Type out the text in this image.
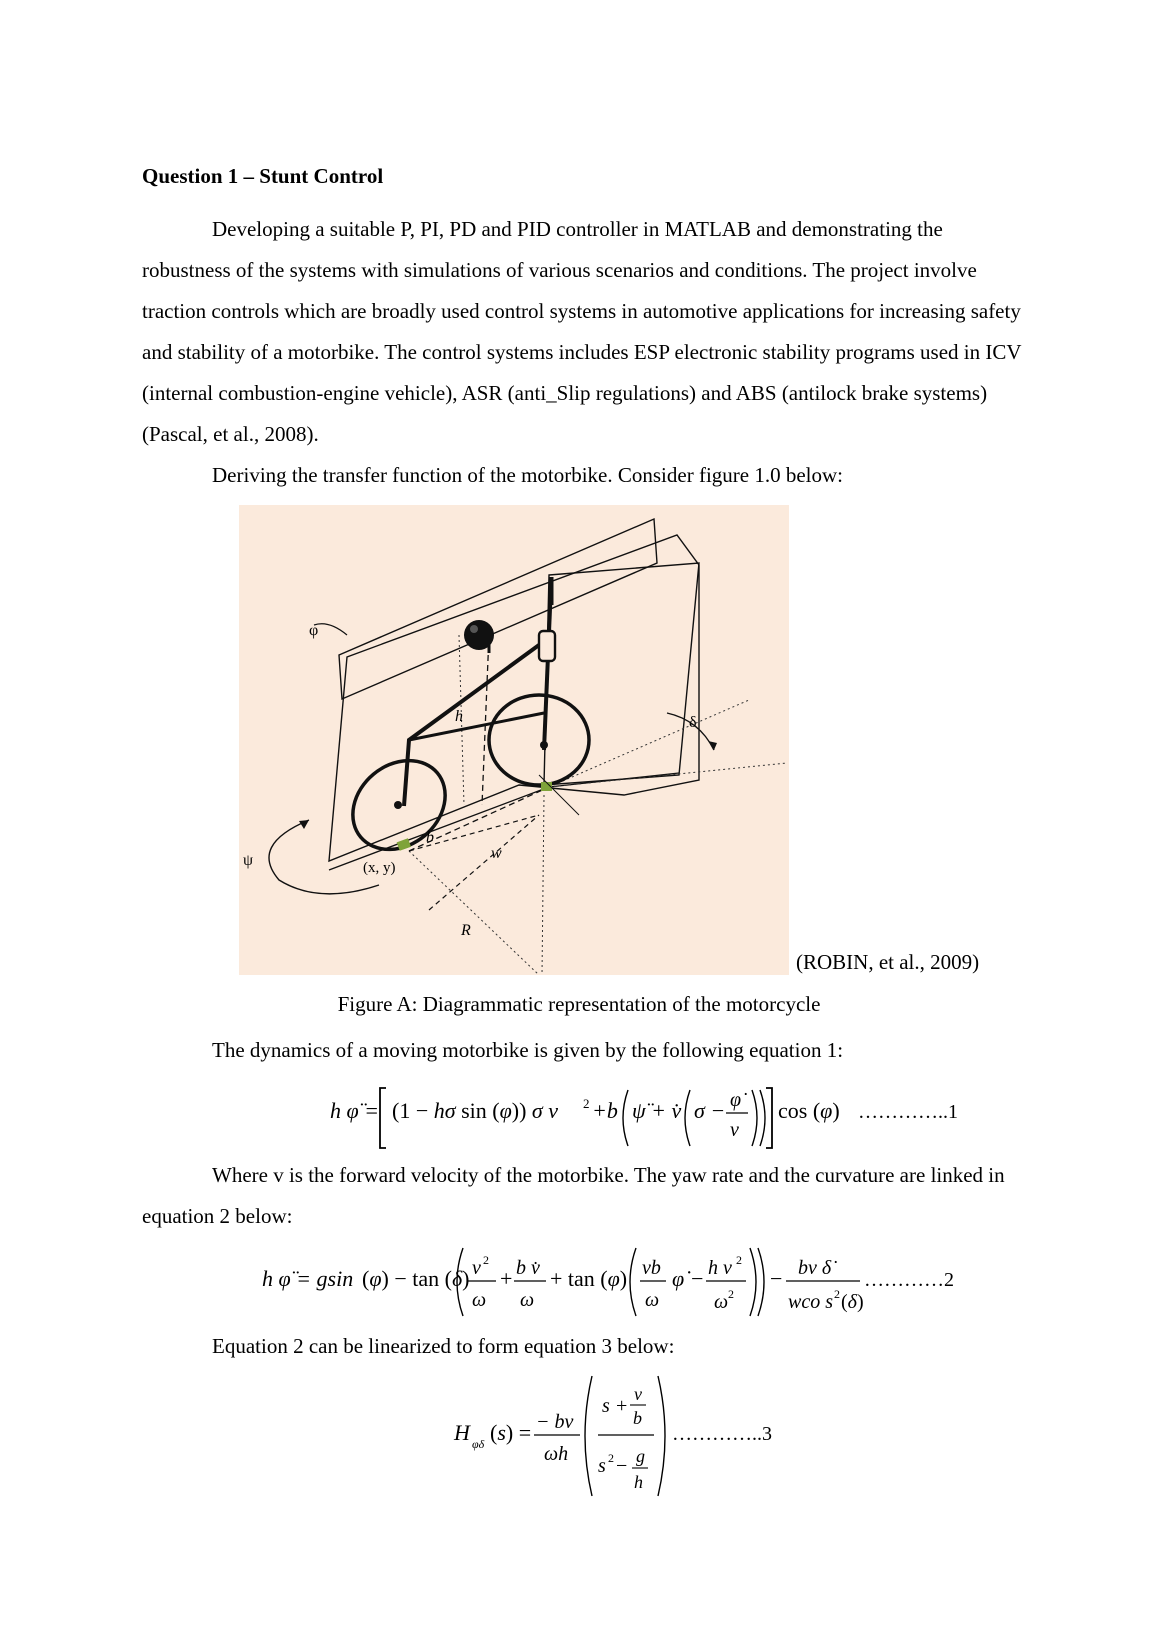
Question 1 – Stunt Control

Developing a suitable P, PI, PD and PID controller in MATLAB and demonstrating the robustness of the systems with simulations of various scenarios and conditions. The project involve traction controls which are broadly used control systems in automotive applications for increasing safety and stability of a motorbike. The control systems includes ESP electronic stability programs used in ICV (internal combustion-engine vehicle), ASR (anti_Slip regulations) and ABS (antilock brake systems) (Pascal, et al., 2008).

Deriving the transfer function of the motorbike. Consider figure 1.0 below:

φ
ψ
δ
h
b
w
(x, y)
R
(ROBIN, et al., 2009)
Figure A: Diagrammatic representation of the motorcycle

The dynamics of a moving motorbike is given by the following equation 1:

h φ̈ = (1 − hσ sin (φ)) σ v 2 +b ψ̈ + v̇ σ − φ̇
v
cos (φ) …………..1

Where v is the forward velocity of the motorbike. The yaw rate and the curvature are linked in equation 2 below:

h φ̈ = gsin (φ) − tan (δ) v 2
ω
+ b v̇
ω
+ tan (φ) vb
ω
φ̇ − h v 2
ω 2
− bv δ̇
wco s 2 (δ)
…………2

Equation 2 can be linearized to form equation 3 below:

H φδ (s) = − bv
ωh
s +
v
b
s 2 − g
h
…………..3
